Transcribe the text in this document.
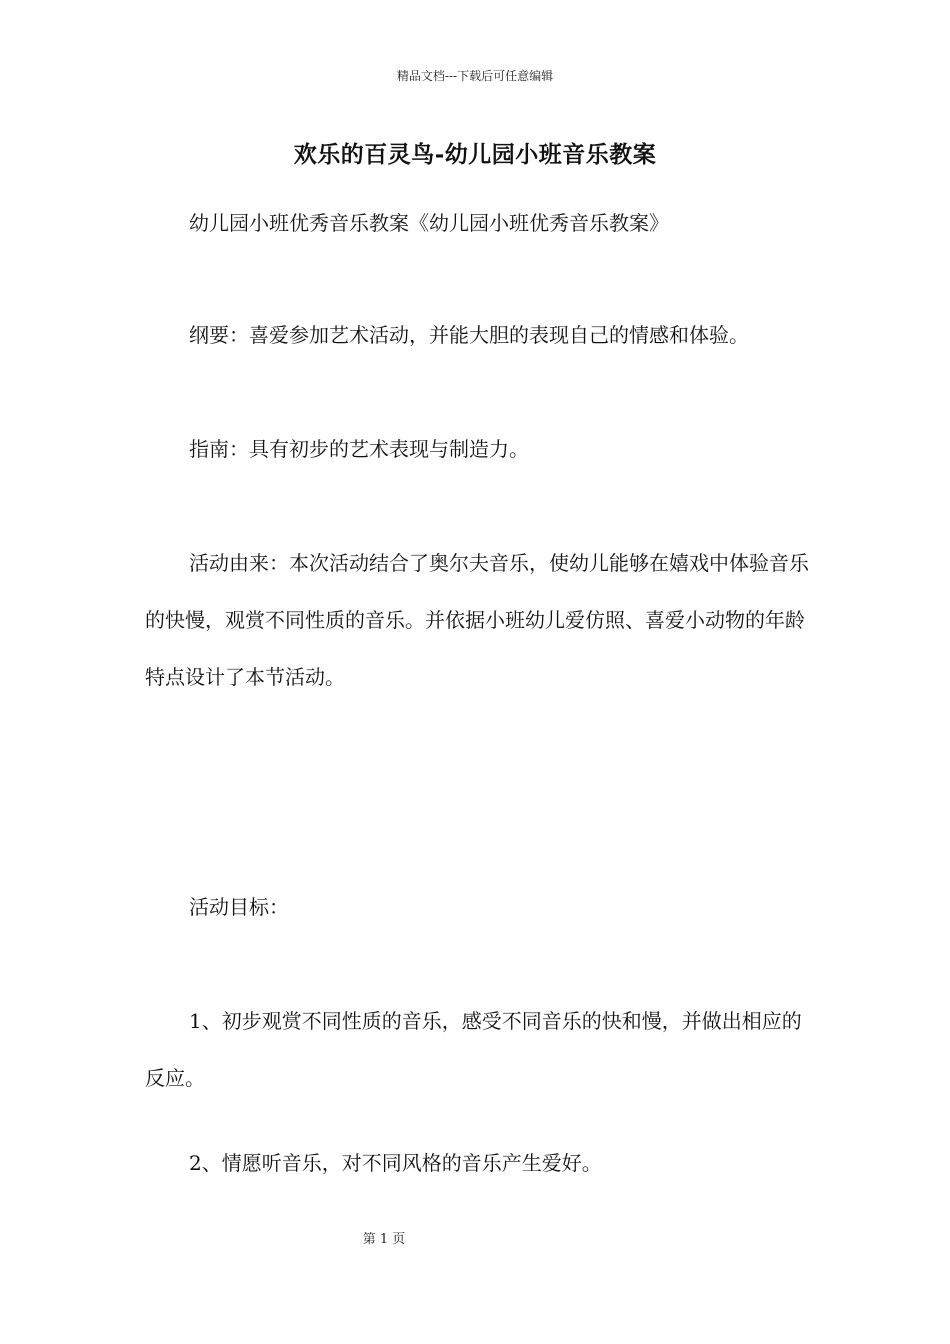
精品文档---下载后可任意编辑
欢乐的百灵鸟-幼儿园小班音乐教案

幼儿园小班优秀音乐教案《幼儿园小班优秀音乐教案》

纲要：喜爱参加艺术活动，并能大胆的表现自己的情感和体验。

指南：具有初步的艺术表现与制造力。

活动由来：本次活动结合了奥尔夫音乐，使幼儿能够在嬉戏中体验音乐的快慢，观赏不同性质的音乐。并依据小班幼儿爱仿照、喜爱小动物的年龄特点设计了本节活动。

活动目标：

1、初步观赏不同性质的音乐，感受不同音乐的快和慢，并做出相应的反应。

2、情愿听音乐，对不同风格的音乐产生爱好。

第 1 页
